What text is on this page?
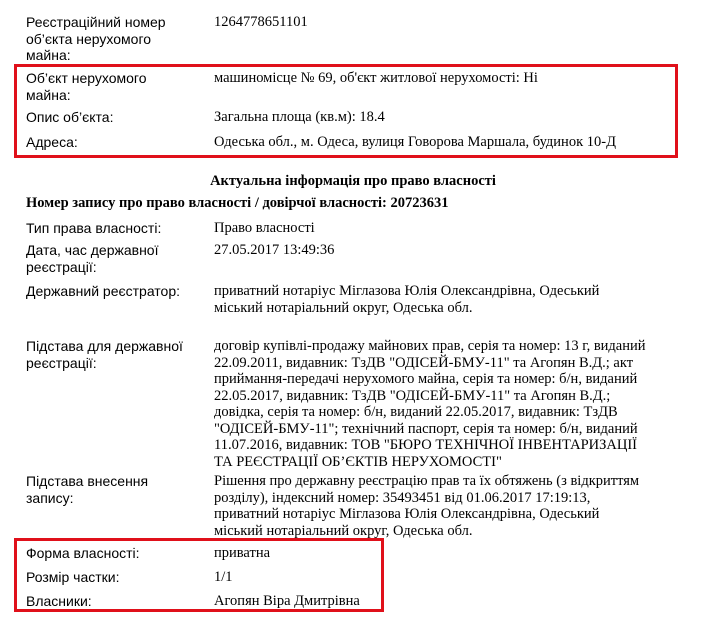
Реєстраційний номер
об’єкта нерухомого
майна:
1264778651101
Об’єкт нерухомого
майна:
машиномісце № 69, об'єкт житлової нерухомості: Ні
Опис об’єкта:	Загальна площа (кв.м): 18.4
Адреса:	Одеська обл., м. Одеса, вулиця Говорова Маршала, будинок 10-Д
Актуальна інформація про право власності
Номер запису про право власності / довірчої власності: 20723631
Тип права власності:	Право власності
Дата, час державної
реєстрації:
27.05.2017 13:49:36
Державний реєстратор:	приватний нотаріус Міглазова Юлія Олександрівна, Одеський
міський нотаріальний округ, Одеська обл.
Підстава для державної
реєстрації:
договір купівлі-продажу майнових прав, серія та номер: 13 г, виданий
22.09.2011, видавник: ТзДВ "ОДІСЕЙ-БМУ-11" та Агопян В.Д.; акт
приймання-передачі нерухомого майна, серія та номер: б/н, виданий
22.05.2017, видавник: ТзДВ "ОДІСЕЙ-БМУ-11" та Агопян В.Д.;
довідка, серія та номер: б/н, виданий 22.05.2017, видавник: ТзДВ
"ОДІСЕЙ-БМУ-11"; технічний паспорт, серія та номер: б/н, виданий
11.07.2016, видавник: ТОВ "БЮРО ТЕХНІЧНОЇ ІНВЕНТАРИЗАЦІЇ
ТА РЕЄСТРАЦІЇ ОБ’ЄКТІВ НЕРУХОМОСТІ"
Підстава внесення
запису:
Рішення про державну реєстрацію прав та їх обтяжень (з відкриттям
розділу), індексний номер: 35493451 від 01.06.2017 17:19:13,
приватний нотаріус Міглазова Юлія Олександрівна, Одеський
міський нотаріальний округ, Одеська обл.
Форма власності:	приватна
Розмір частки:	1/1
Власники:	Агопян Віра Дмитрівна
